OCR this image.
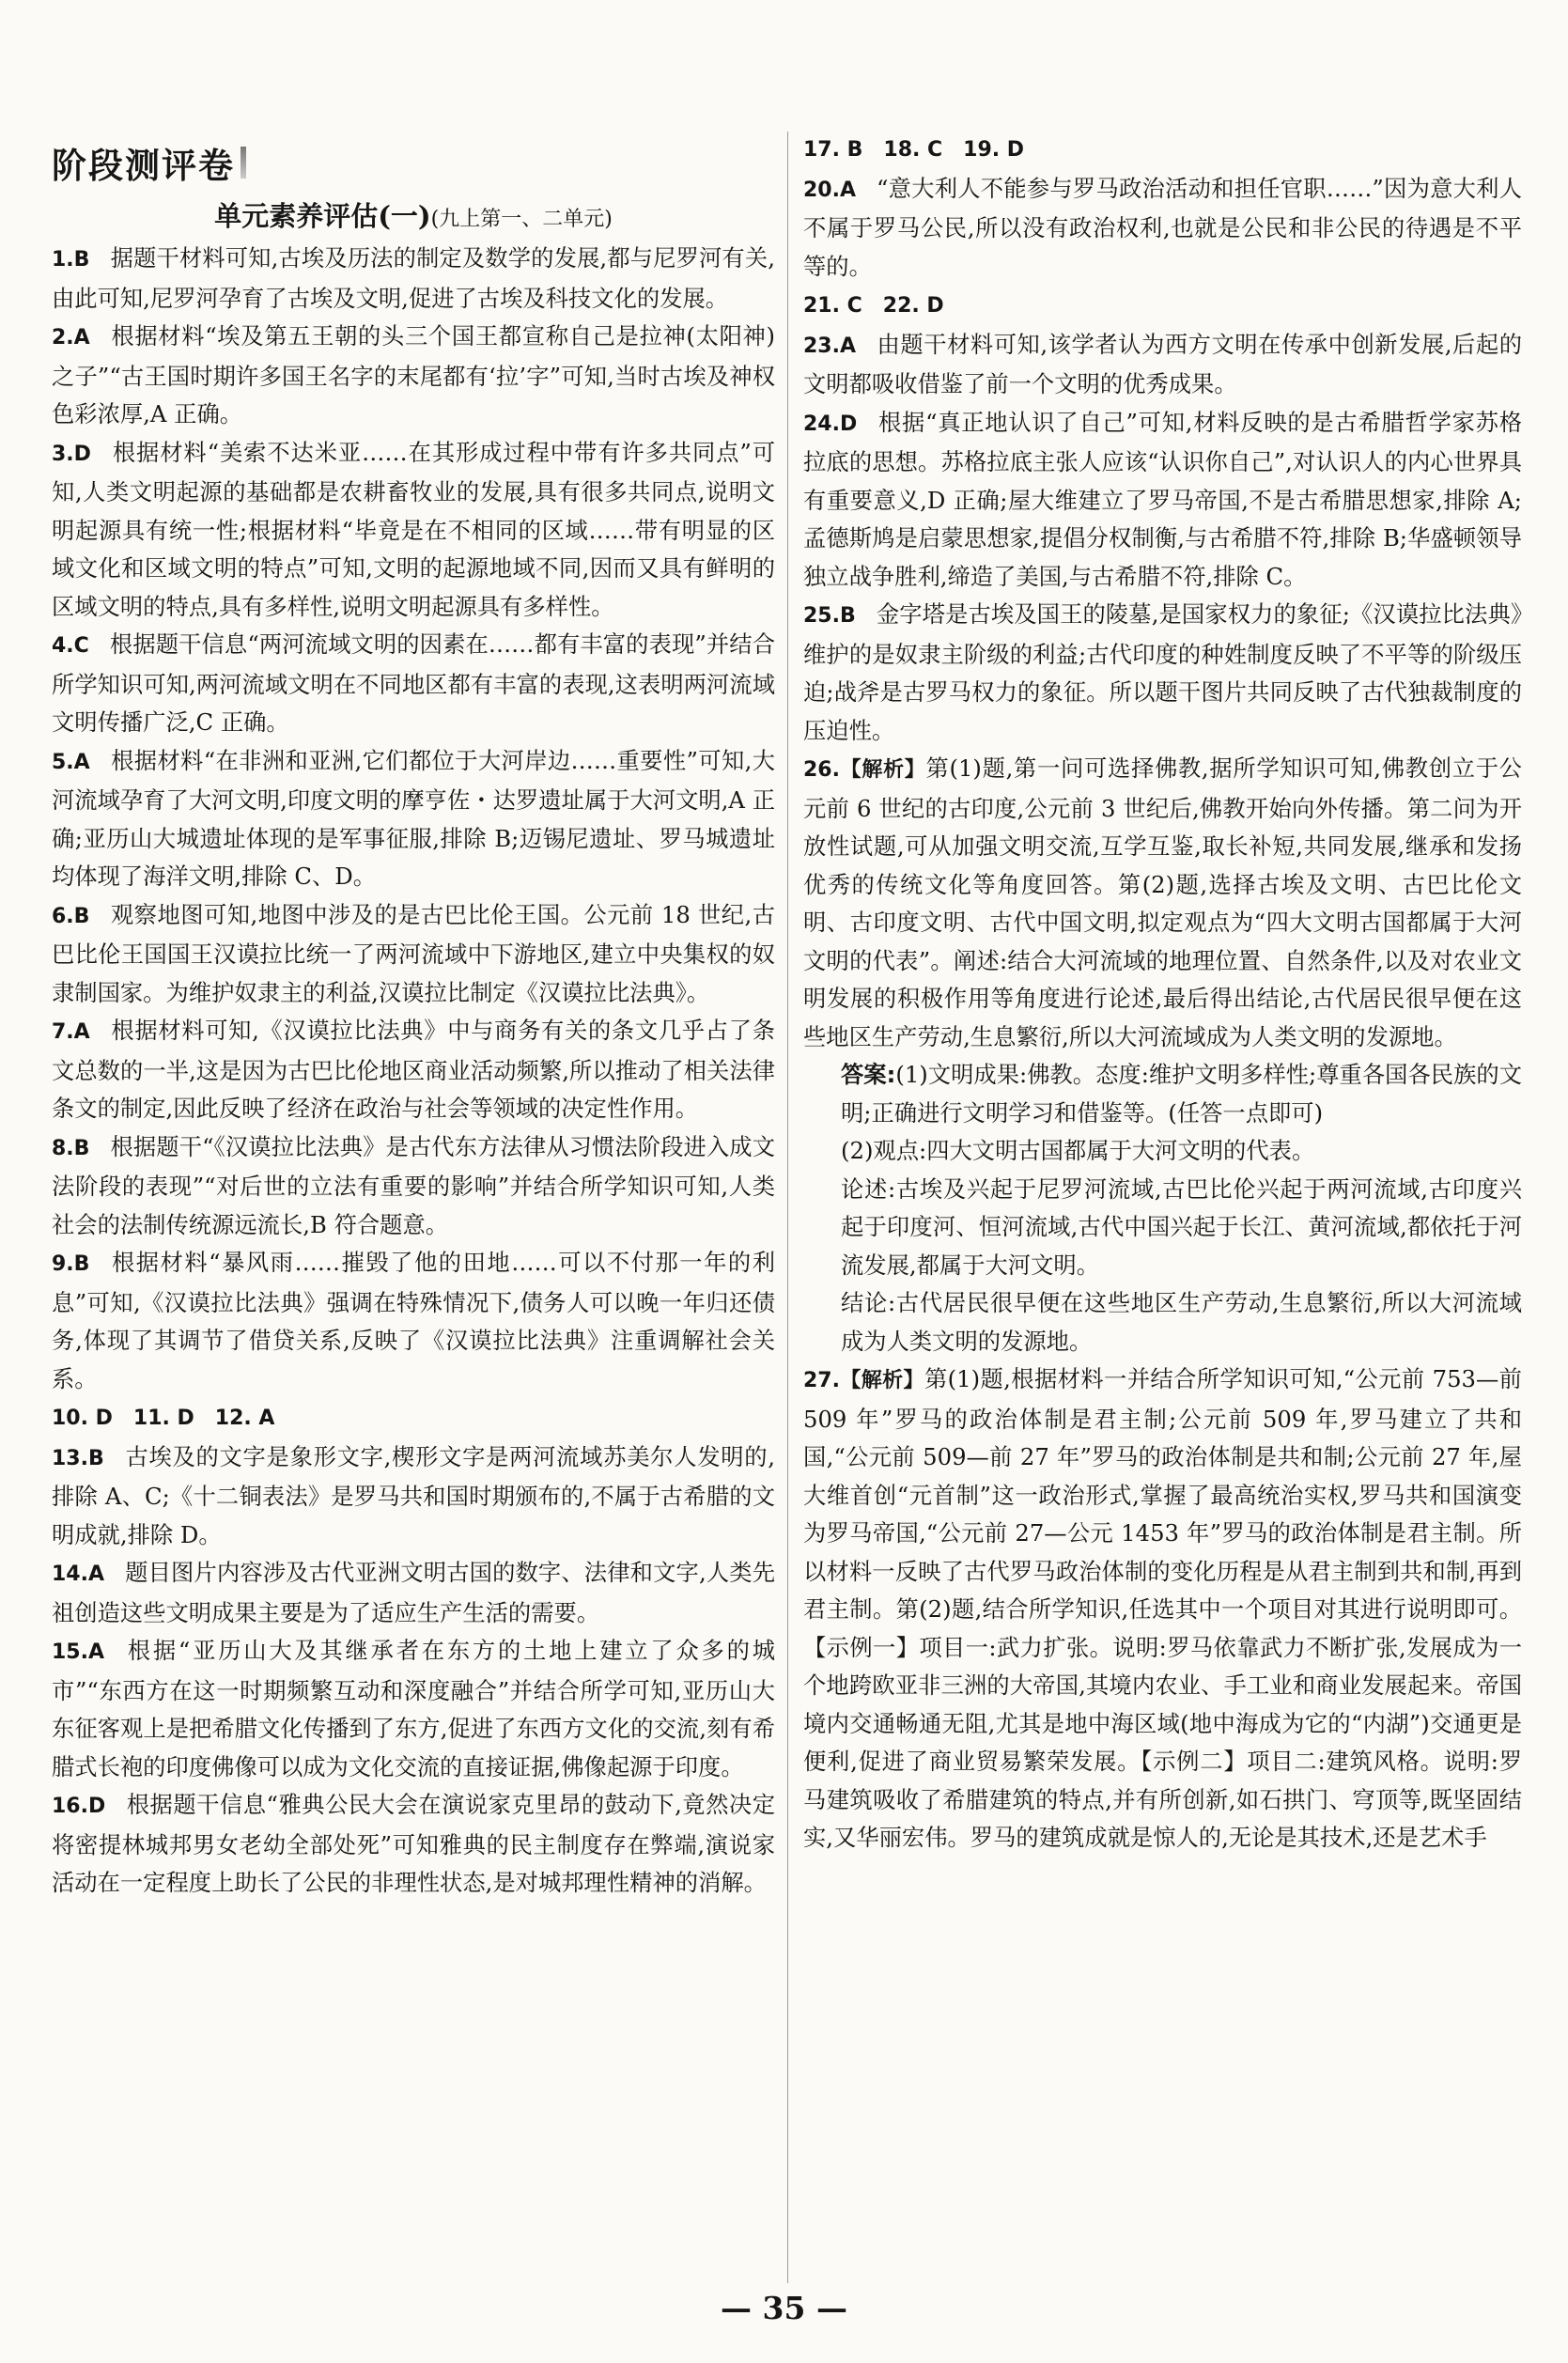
阶段测评卷
单元素养评估(一)(九上第一、二单元)

1.B 据题干材料可知,古埃及历法的制定及数学的发展,都与尼罗河有关,由此可知,尼罗河孕育了古埃及文明,促进了古埃及科技文化的发展。

2.A 根据材料“埃及第五王朝的头三个国王都宣称自己是拉神(太阳神)之子”“古王国时期许多国王名字的末尾都有‘拉’字”可知,当时古埃及神权色彩浓厚,A 正确。

3.D 根据材料“美索不达米亚……在其形成过程中带有许多共同点”可知,人类文明起源的基础都是农耕畜牧业的发展,具有很多共同点,说明文明起源具有统一性;根据材料“毕竟是在不相同的区域……带有明显的区域文化和区域文明的特点”可知,文明的起源地域不同,因而又具有鲜明的区域文明的特点,具有多样性,说明文明起源具有多样性。

4.C 根据题干信息“两河流域文明的因素在……都有丰富的表现”并结合所学知识可知,两河流域文明在不同地区都有丰富的表现,这表明两河流域文明传播广泛,C 正确。

5.A 根据材料“在非洲和亚洲,它们都位于大河岸边……重要性”可知,大河流域孕育了大河文明,印度文明的摩亨佐・达罗遗址属于大河文明,A 正确;亚历山大城遗址体现的是军事征服,排除 B;迈锡尼遗址、罗马城遗址均体现了海洋文明,排除 C、D。

6.B 观察地图可知,地图中涉及的是古巴比伦王国。公元前 18 世纪,古巴比伦王国国王汉谟拉比统一了两河流域中下游地区,建立中央集权的奴隶制国家。为维护奴隶主的利益,汉谟拉比制定《汉谟拉比法典》。

7.A 根据材料可知,《汉谟拉比法典》中与商务有关的条文几乎占了条文总数的一半,这是因为古巴比伦地区商业活动频繁,所以推动了相关法律条文的制定,因此反映了经济在政治与社会等领域的决定性作用。

8.B 根据题干“《汉谟拉比法典》是古代东方法律从习惯法阶段进入成文法阶段的表现”“对后世的立法有重要的影响”并结合所学知识可知,人类社会的法制传统源远流长,B 符合题意。

9.B 根据材料“暴风雨……摧毁了他的田地……可以不付那一年的利息”可知,《汉谟拉比法典》强调在特殊情况下,债务人可以晚一年归还债务,体现了其调节了借贷关系,反映了《汉谟拉比法典》注重调解社会关系。

10. D　11. D　12. A

13.B 古埃及的文字是象形文字,楔形文字是两河流域苏美尔人发明的,排除 A、C;《十二铜表法》是罗马共和国时期颁布的,不属于古希腊的文明成就,排除 D。

14.A 题目图片内容涉及古代亚洲文明古国的数字、法律和文字,人类先祖创造这些文明成果主要是为了适应生产生活的需要。

15.A 根据“亚历山大及其继承者在东方的土地上建立了众多的城市”“东西方在这一时期频繁互动和深度融合”并结合所学可知,亚历山大东征客观上是把希腊文化传播到了东方,促进了东西方文化的交流,刻有希腊式长袍的印度佛像可以成为文化交流的直接证据,佛像起源于印度。

16.D 根据题干信息“雅典公民大会在演说家克里昂的鼓动下,竟然决定将密提林城邦男女老幼全部处死”可知雅典的民主制度存在弊端,演说家活动在一定程度上助长了公民的非理性状态,是对城邦理性精神的消解。

17. B　18. C　19. D

20.A “意大利人不能参与罗马政治活动和担任官职……”因为意大利人不属于罗马公民,所以没有政治权利,也就是公民和非公民的待遇是不平等的。

21. C　22. D

23.A 由题干材料可知,该学者认为西方文明在传承中创新发展,后起的文明都吸收借鉴了前一个文明的优秀成果。

24.D 根据“真正地认识了自己”可知,材料反映的是古希腊哲学家苏格拉底的思想。苏格拉底主张人应该“认识你自己”,对认识人的内心世界具有重要意义,D 正确;屋大维建立了罗马帝国,不是古希腊思想家,排除 A;孟德斯鸠是启蒙思想家,提倡分权制衡,与古希腊不符,排除 B;华盛顿领导独立战争胜利,缔造了美国,与古希腊不符,排除 C。

25.B 金字塔是古埃及国王的陵墓,是国家权力的象征;《汉谟拉比法典》维护的是奴隶主阶级的利益;古代印度的种姓制度反映了不平等的阶级压迫;战斧是古罗马权力的象征。所以题干图片共同反映了古代独裁制度的压迫性。

26.【解析】第(1)题,第一问可选择佛教,据所学知识可知,佛教创立于公元前 6 世纪的古印度,公元前 3 世纪后,佛教开始向外传播。第二问为开放性试题,可从加强文明交流,互学互鉴,取长补短,共同发展,继承和发扬优秀的传统文化等角度回答。第(2)题,选择古埃及文明、古巴比伦文明、古印度文明、古代中国文明,拟定观点为“四大文明古国都属于大河文明的代表”。阐述:结合大河流域的地理位置、自然条件,以及对农业文明发展的积极作用等角度进行论述,最后得出结论,古代居民很早便在这些地区生产劳动,生息繁衍,所以大河流域成为人类文明的发源地。

答案:(1)文明成果:佛教。态度:维护文明多样性;尊重各国各民族的文明;正确进行文明学习和借鉴等。(任答一点即可)

(2)观点:四大文明古国都属于大河文明的代表。

论述:古埃及兴起于尼罗河流域,古巴比伦兴起于两河流域,古印度兴起于印度河、恒河流域,古代中国兴起于长江、黄河流域,都依托于河流发展,都属于大河文明。

结论:古代居民很早便在这些地区生产劳动,生息繁衍,所以大河流域成为人类文明的发源地。

27.【解析】第(1)题,根据材料一并结合所学知识可知,“公元前 753—前 509 年”罗马的政治体制是君主制;公元前 509 年,罗马建立了共和国,“公元前 509—前 27 年”罗马的政治体制是共和制;公元前 27 年,屋大维首创“元首制”这一政治形式,掌握了最高统治实权,罗马共和国演变为罗马帝国,“公元前 27—公元 1453 年”罗马的政治体制是君主制。所以材料一反映了古代罗马政治体制的变化历程是从君主制到共和制,再到君主制。第(2)题,结合所学知识,任选其中一个项目对其进行说明即可。【示例一】项目一:武力扩张。说明:罗马依靠武力不断扩张,发展成为一个地跨欧亚非三洲的大帝国,其境内农业、手工业和商业发展起来。帝国境内交通畅通无阻,尤其是地中海区域(地中海成为它的“内湖”)交通更是便利,促进了商业贸易繁荣发展。【示例二】项目二:建筑风格。说明:罗马建筑吸收了希腊建筑的特点,并有所创新,如石拱门、穹顶等,既坚固结实,又华丽宏伟。罗马的建筑成就是惊人的,无论是其技术,还是艺术手

— 35 —
